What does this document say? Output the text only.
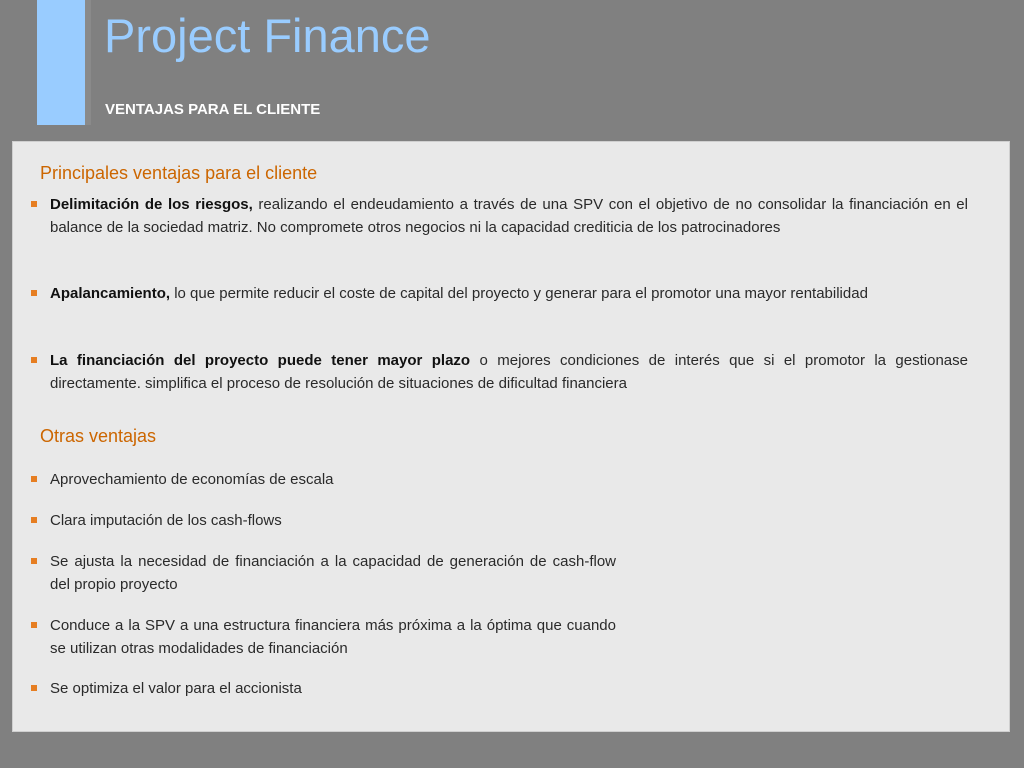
Project Finance
VENTAJAS PARA EL CLIENTE
Principales ventajas para el cliente
Delimitación de los riesgos, realizando el endeudamiento a través de una SPV con el objetivo de no consolidar la financiación en el balance de la sociedad matriz. No compromete otros negocios ni la capacidad crediticia de los patrocinadores
Apalancamiento, lo que permite reducir el coste de capital del proyecto y generar para el promotor una mayor rentabilidad
La financiación del proyecto puede tener mayor plazo o mejores condiciones de interés que si el promotor la gestionase directamente. simplifica el proceso de resolución de situaciones de dificultad financiera
Otras ventajas
Aprovechamiento de economías de escala
Clara imputación de los cash-flows
Se ajusta la necesidad de financiación a la capacidad de generación de cash-flow del propio proyecto
Conduce a la SPV a una estructura financiera más próxima a la óptima que cuando se utilizan otras modalidades de financiación
Se optimiza el valor para el accionista
